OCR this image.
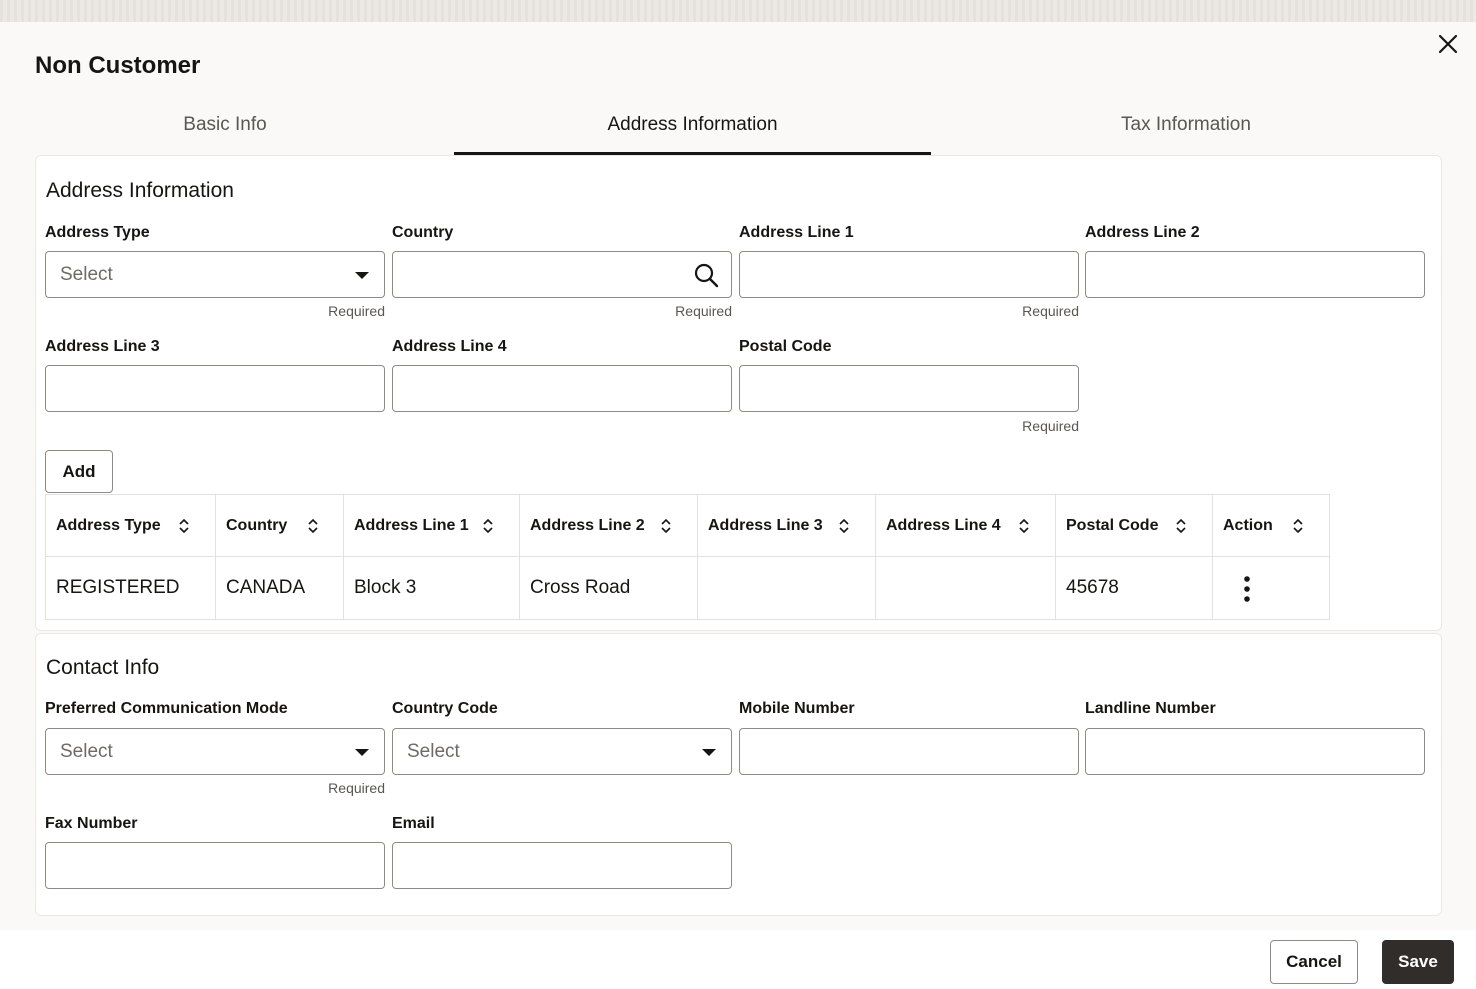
Non Customer
Basic Info	Address Information	Tax Information
Address Information
Address Type
Select
Required
Country
Required
Address Line 1
Required
Address Line 2
Address Line 3	Address Line 4	Postal Code
Required
Add
Address Type	Country	Address Line 1	Address Line 2	Address Line 3	Address Line 4	Postal Code	Action

REGISTERED	CANADA	Block 3	Cross Road			45678	
Contact Info
Preferred Communication Mode
Select
Required
Country Code
Select
Mobile Number	Landline Number
Fax Number	Email
Cancel	Save
